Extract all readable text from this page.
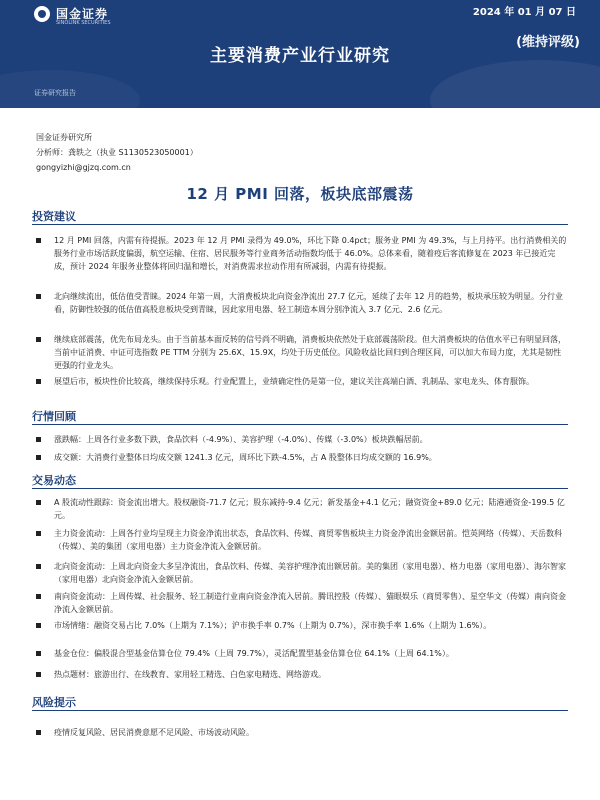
国金证券
SINOLINK SECURITIES
2024 年 01 月 07 日
主要消费产业行业研究
(维持评级)
证券研究报告
国金证券研究所
分析师：龚轶之（执业 S1130523050001）
gongyizhi@gjzq.com.cn
12 月 PMI 回落，板块底部震荡
投资建议

12 月 PMI 回落，内需有待提振。2023 年 12 月 PMI 录得为 49.0%，环比下降 0.4pct；服务业 PMI 为 49.3%，与上月持平。出行消费相关的服务行业市场活跃度偏弱，航空运输、住宿、居民服务等行业商务活动指数均低于 46.0%。总体来看，随着疫后客流修复在 2023 年已接近完成，预计 2024 年服务业整体将回归温和增长，对消费需求拉动作用有所减弱，内需有待提振。

北向继续流出，低估值受青睐。2024 年第一周，大消费板块北向资金净流出 27.7 亿元，延续了去年 12 月的趋势，板块承压较为明显。分行业看，防御性较强的低估值高股息板块受到青睐，因此家用电器、轻工制造本周分别净流入 3.7 亿元、2.6 亿元。

继续底部震荡，优先布局龙头。由于当前基本面反转的信号尚不明确，消费板块依然处于底部震荡阶段。但大消费板块的估值水平已有明显回落，当前中证消费、中证可选指数 PE TTM 分别为 25.6X、15.9X，均处于历史低位。风险收益比回归到合理区间，可以加大布局力度，尤其是韧性更强的行业龙头。

展望后市，板块性价比较高，继续保持乐观。行业配置上，业绩确定性仍是第一位，建议关注高端白酒、乳制品、家电龙头、体育服饰。

行情回顾

涨跌幅：上周各行业多数下跌，食品饮料（-4.9%）、美容护理（-4.0%）、传媒（-3.0%）板块跌幅居前。

成交额：大消费行业整体日均成交额 1241.3 亿元，周环比下跌-4.5%，占 A 股整体日均成交额的 16.9%。

交易动态

A 股流动性跟踪：资金流出增大。股权融资-71.7 亿元；股东减持-9.4 亿元；新发基金+4.1 亿元；融资资金+89.0 亿元；陆港通资金-199.5 亿元。

主力资金流动：上周各行业均呈现主力资金净流出状态，食品饮料、传媒、商贸零售板块主力资金净流出金额居前。恺英网络（传媒）、天岳数科（传媒）、美的集团（家用电器）主力资金净流入金额居前。

北向资金流动：上周北向资金大多呈净流出，食品饮料、传媒、美容护理净流出额居前。美的集团（家用电器）、格力电器（家用电器）、海尔智家（家用电器）北向资金净流入金额居前。

南向资金流动：上周传媒、社会服务、轻工制造行业南向资金净流入居前。腾讯控股（传媒）、猫眼娱乐（商贸零售）、星空华文（传媒）南向资金净流入金额居前。

市场情绪：融资交易占比 7.0%（上期为 7.1%）；沪市换手率 0.7%（上期为 0.7%），深市换手率 1.6%（上期为 1.6%）。

基金仓位：偏股混合型基金估算仓位 79.4%（上周 79.7%），灵活配置型基金估算仓位 64.1%（上周 64.1%）。

热点题材：旅游出行、在线教育、家用轻工精选、白色家电精选、网络游戏。

风险提示

疫情反复风险、居民消费意愿不足风险、市场波动风险。
